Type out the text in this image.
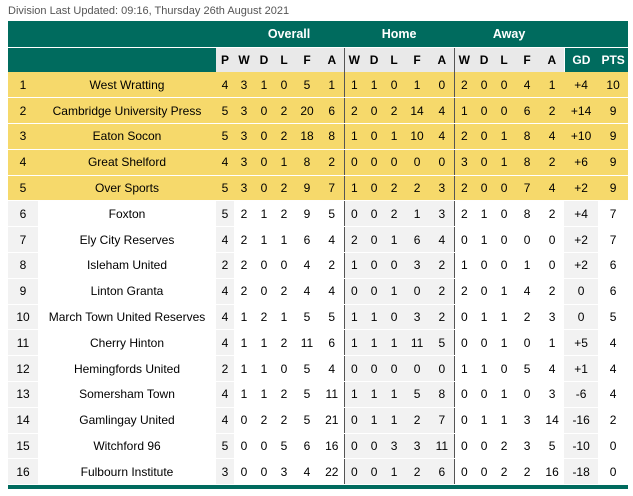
Division Last Updated: 09:16, Thursday 26th August 2021
			Overall					Home					Away						
		P	W	D	L	F	A	W	D	L	F	A	W	D	L	F	A	GD	PTS
1	West Wratting	4	3	1	0	5	1	1	1	0	1	0	2	0	0	4	1	+4	10
2	Cambridge University Press	5	3	0	2	20	6	2	0	2	14	4	1	0	0	6	2	+14	9
3	Eaton Socon	5	3	0	2	18	8	1	0	1	10	4	2	0	1	8	4	+10	9
4	Great Shelford	4	3	0	1	8	2	0	0	0	0	0	3	0	1	8	2	+6	9
5	Over Sports	5	3	0	2	9	7	1	0	2	2	3	2	0	0	7	4	+2	9
6	Foxton	5	2	1	2	9	5	0	0	2	1	3	2	1	0	8	2	+4	7
7	Ely City Reserves	4	2	1	1	6	4	2	0	1	6	4	0	1	0	0	0	+2	7
8	Isleham United	2	2	0	0	4	2	1	0	0	3	2	1	0	0	1	0	+2	6
9	Linton Granta	4	2	0	2	4	4	0	0	1	0	2	2	0	1	4	2	0	6
10	March Town United Reserves	4	1	2	1	5	5	1	1	0	3	2	0	1	1	2	3	0	5
11	Cherry Hinton	4	1	1	2	11	6	1	1	1	11	5	0	0	1	0	1	+5	4
12	Hemingfords United	2	1	1	0	5	4	0	0	0	0	0	1	1	0	5	4	+1	4
13	Somersham Town	4	1	1	2	5	11	1	1	1	5	8	0	0	1	0	3	-6	4
14	Gamlingay United	4	0	2	2	5	21	0	1	1	2	7	0	1	1	3	14	-16	2
15	Witchford 96	5	0	0	5	6	16	0	0	3	3	11	0	0	2	3	5	-10	0
16	Fulbourn Institute	3	0	0	3	4	22	0	0	1	2	6	0	0	2	2	16	-18	0
